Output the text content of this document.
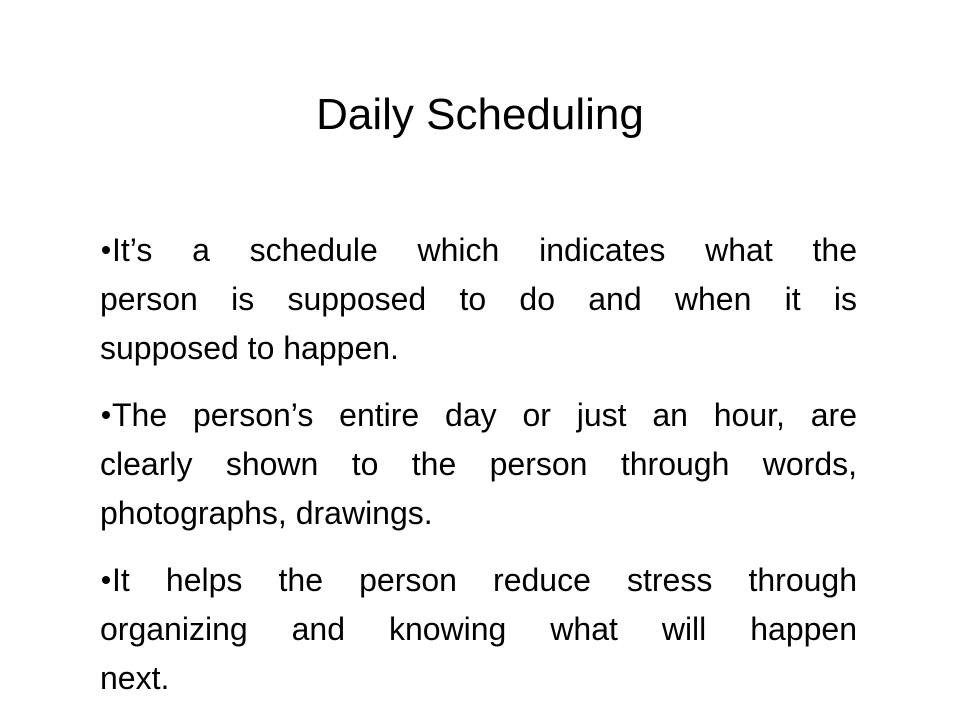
Daily Scheduling
It’s a schedule which indicates what the
person is supposed to do and when it is
supposed to happen.
The person’s entire day or just an hour, are
clearly shown to the person through words,
photographs, drawings.
It helps the person reduce stress through
organizing and knowing what will happen
next.
